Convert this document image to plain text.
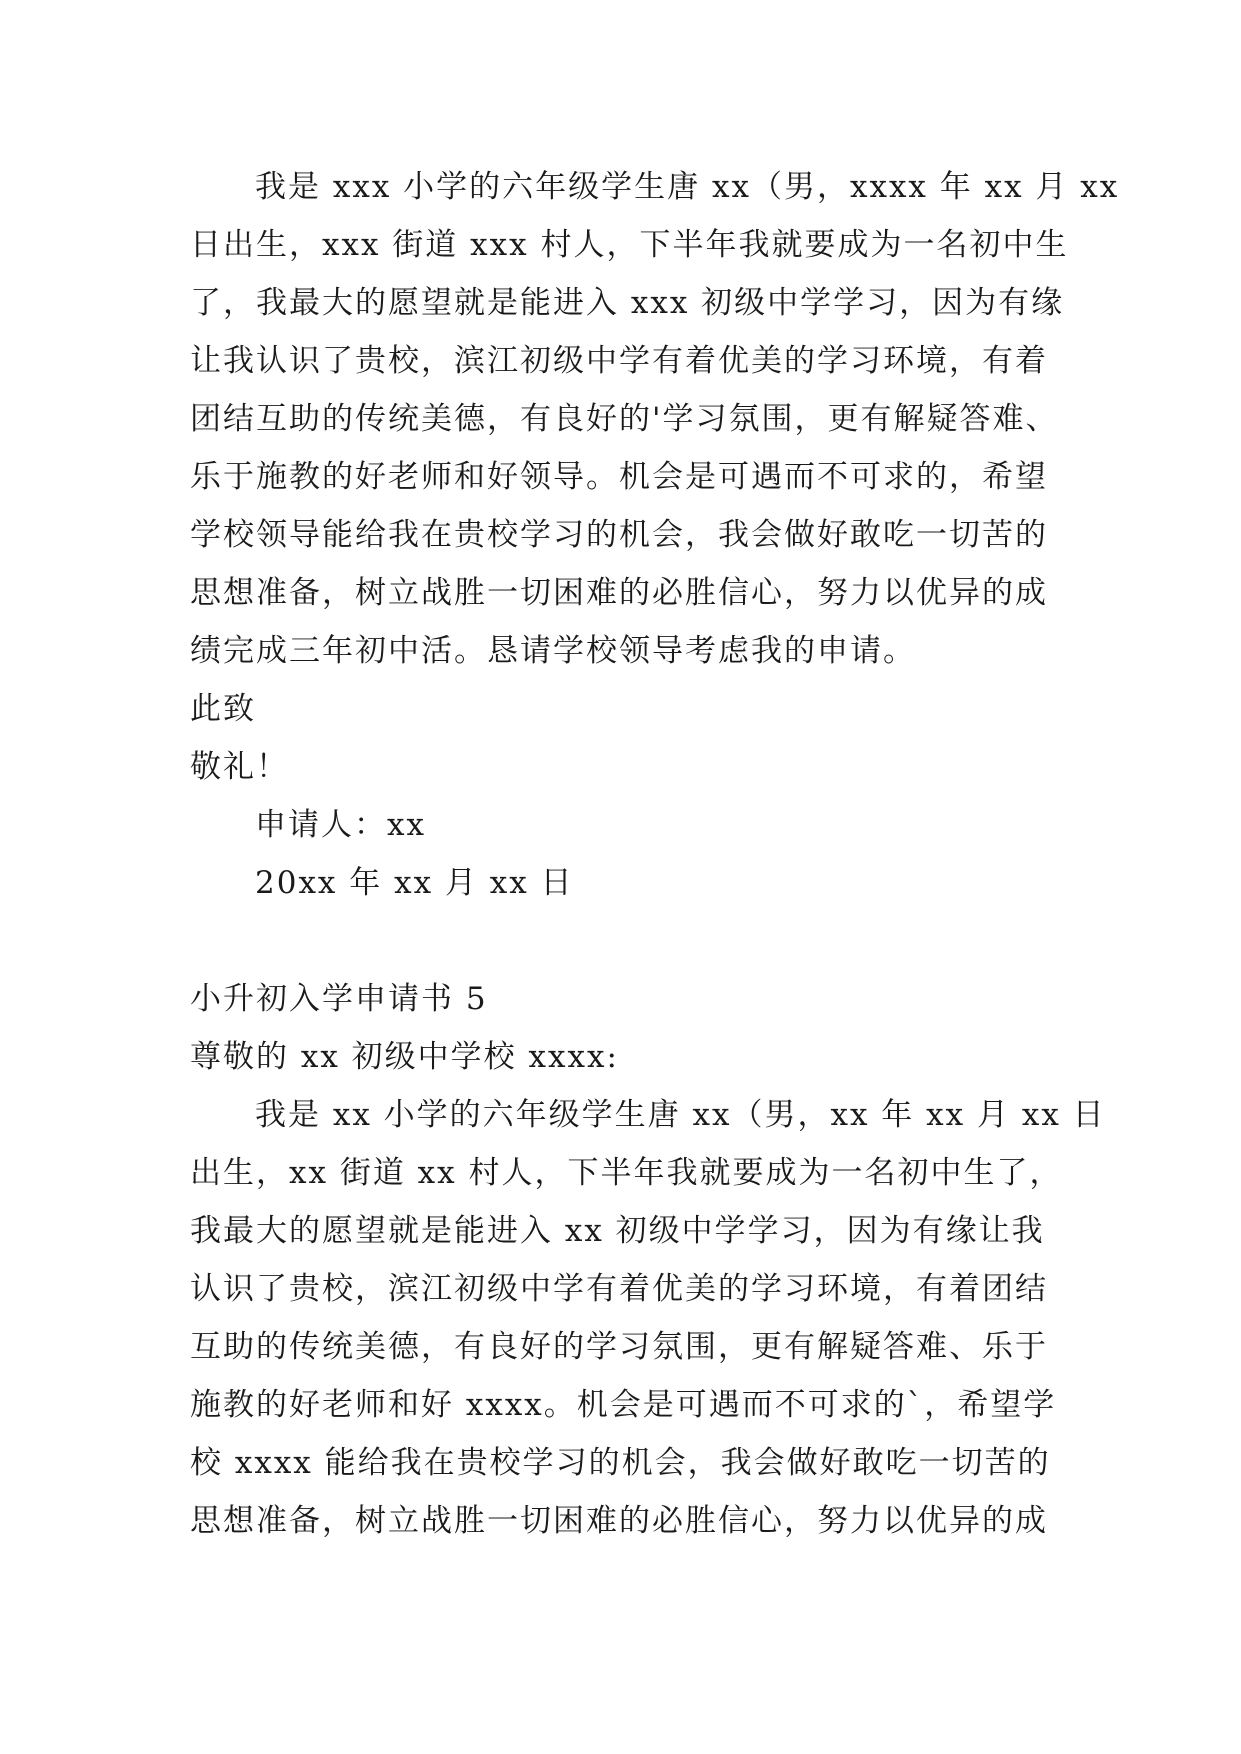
我是 xxx 小学的六年级学生唐 xx（男，xxxx 年 xx 月 xx
日出生，xxx 街道 xxx 村人，下半年我就要成为一名初中生
了，我最大的愿望就是能进入 xxx 初级中学学习，因为有缘
让我认识了贵校，滨江初级中学有着优美的学习环境，有着
团结互助的传统美德，有良好的'学习氛围，更有解疑答难、
乐于施教的好老师和好领导。机会是可遇而不可求的，希望
学校领导能给我在贵校学习的机会，我会做好敢吃一切苦的
思想准备，树立战胜一切困难的必胜信心，努力以优异的成
绩完成三年初中活。恳请学校领导考虑我的申请。
此致
敬礼！
申请人：xx
20xx 年 xx 月 xx 日
小升初入学申请书 5
尊敬的 xx 初级中学校 xxxx:
我是 xx 小学的六年级学生唐 xx（男，xx 年 xx 月 xx 日
出生，xx 街道 xx 村人，下半年我就要成为一名初中生了，
我最大的愿望就是能进入 xx 初级中学学习，因为有缘让我
认识了贵校，滨江初级中学有着优美的学习环境，有着团结
互助的传统美德，有良好的学习氛围，更有解疑答难、乐于
施教的好老师和好 xxxx。机会是可遇而不可求的`，希望学
校 xxxx 能给我在贵校学习的机会，我会做好敢吃一切苦的
思想准备，树立战胜一切困难的必胜信心，努力以优异的成
